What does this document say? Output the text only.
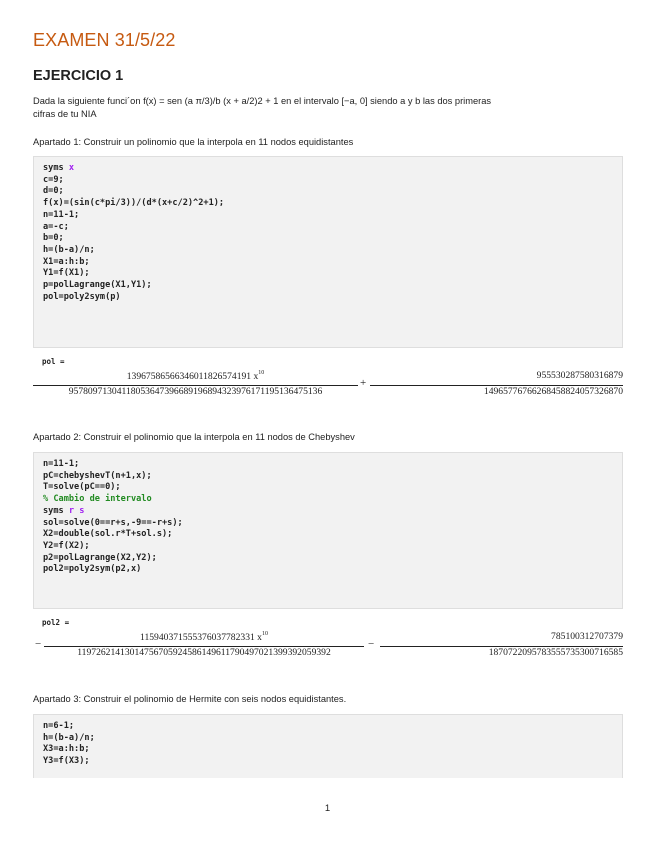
EXAMEN 31/5/22
EJERCICIO 1
Dada la siguiente funci´on f(x) = sen (a π/3)/b (x + a/2)2 + 1 en el intervalo [−a, 0] siendo a y b las dos primeras
cifras de tu NIA
Apartado 1: Construir un polinomio que la interpola en 11 nodos equidistantes
syms x
c=9;
d=0;
f(x)=(sin(c*pi/3))/(d*(x+c/2)^2+1);
n=11-1;
a=-c;
b=0;
h=(b-a)/n;
X1=a:h:b;
Y1=f(X1);
p=polLagrange(X1,Y1);
pol=poly2sym(p)
pol =
13967586566346011826574191 $x^{10}$
957809713041180536473966891968943239761711951364751​36
+
955530287580316879
1496577676626845882405732687​0
Apartado 2: Construir el polinomio que la interpola en 11 nodos de Chebyshev
n=11-1;
pC=chebyshevT(n+1,x);
T=solve(pC==0);
% Cambio de intervalo
syms r s
sol=solve(0==r+s,-9==-r+s);
X2=double(sol.r*T+sol.s);
Y2=f(X2);
p2=polLagrange(X2,Y2);
pol2=poly2sym(p2,x)
pol2 =
−
115940371555376037782331 $x^{10}$
11972621413014756705924586149611790497021399392059392
−
785100312707379
187072209578355573530071658​5
Apartado 3: Construir el polinomio de Hermite con seis nodos equidistantes.
n=6-1;
h=(b-a)/n;
X3=a:h:b;
Y3=f(X3);
1
